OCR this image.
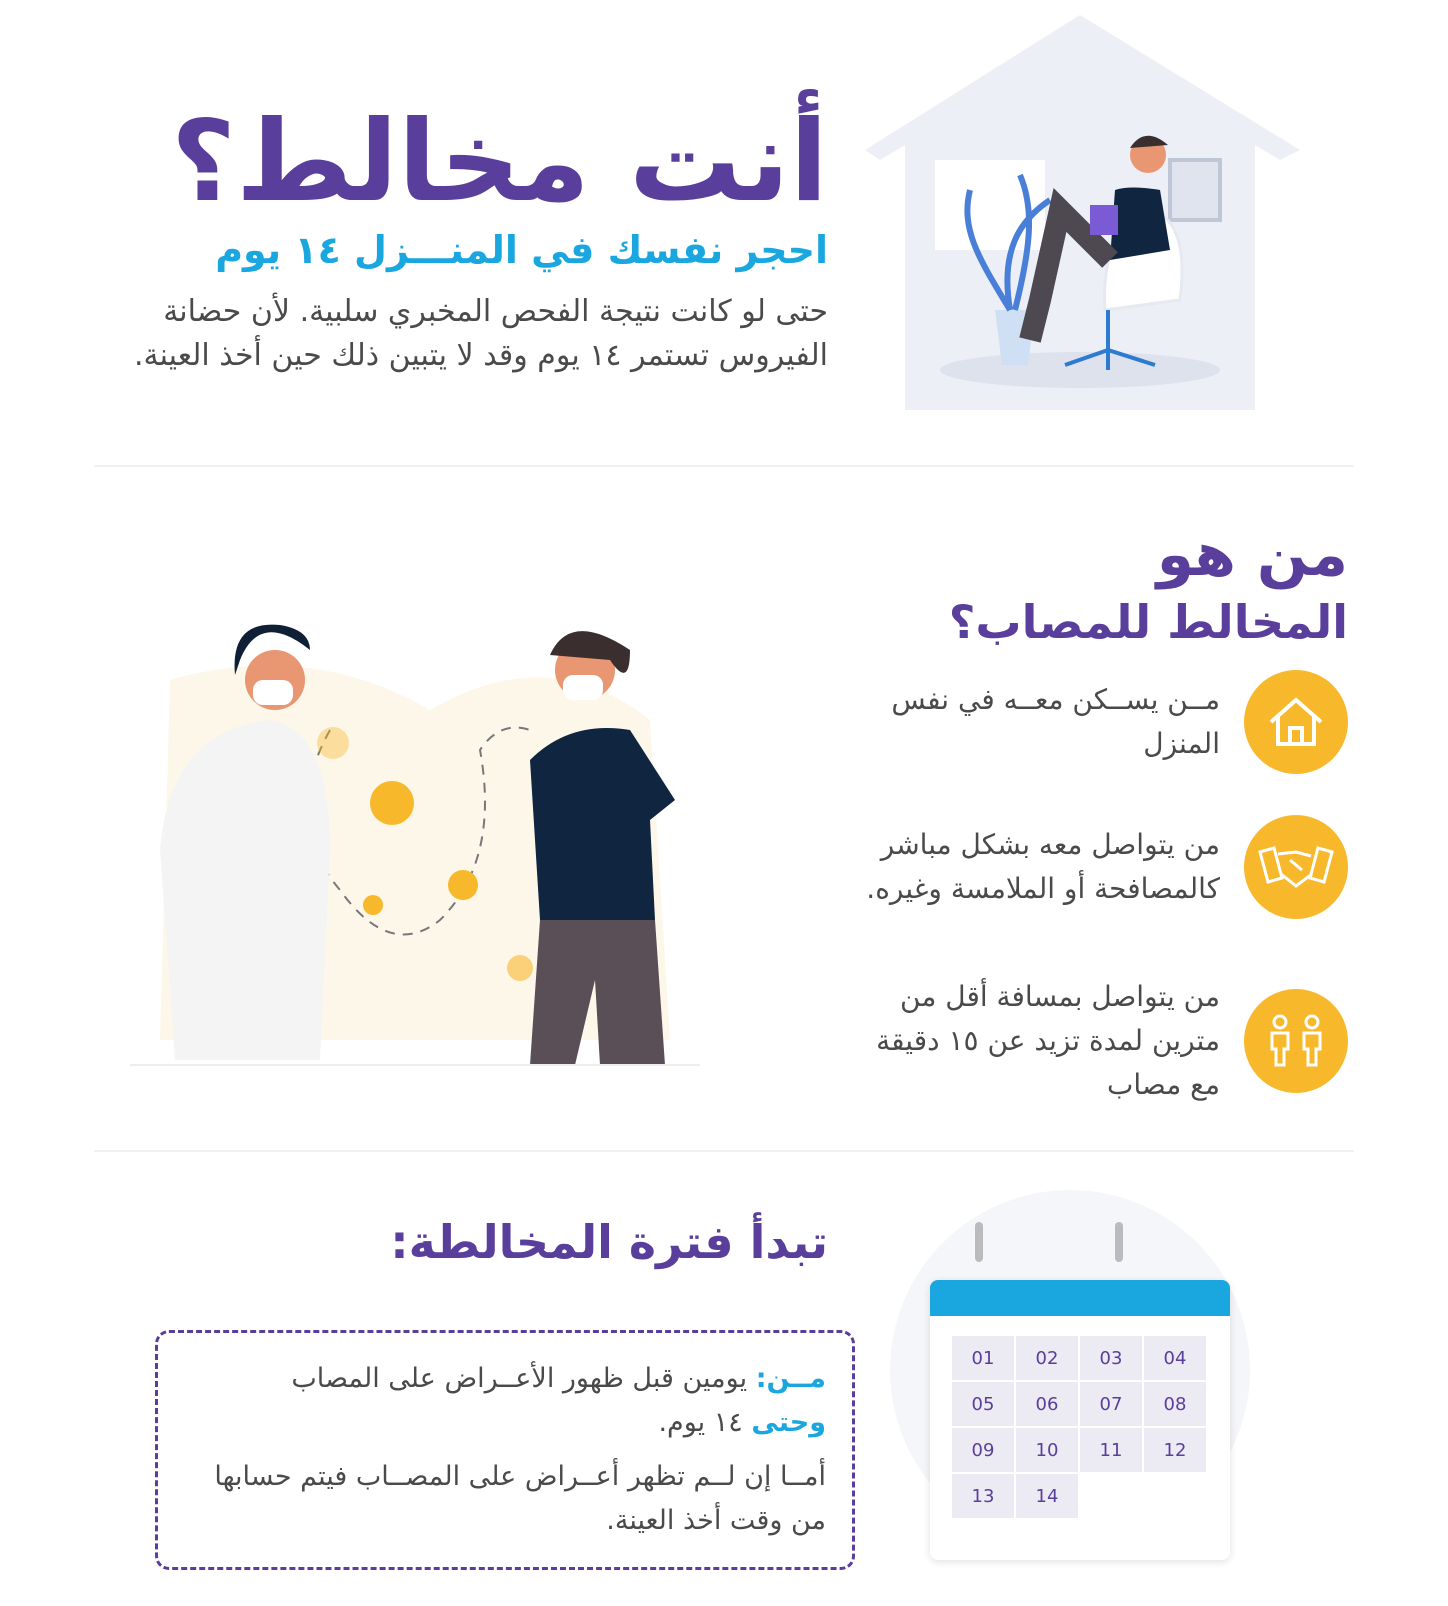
أنت مخالط؟
احجر نفسك في المنـــزل ١٤ يوم
حتى لو كانت نتيجة الفحص المخبري سلبية. لأن حضانة الفيروس تستمر ١٤ يوم وقد لا يتبين ذلك حين أخذ العينة.
من هو
المخالط للمصاب؟
مــن يســكن معــه في نفس المنزل
من يتواصل معه بشكل مباشر كالمصافحة أو الملامسة وغيره.
من يتواصل بمسافة أقل من مترين لمدة تزيد عن ١٥ دقيقة مع مصاب
تبدأ فترة المخالطة:
مــن: يومين قبل ظهور الأعــراض على المصاب
وحتى ١٤ يوم.
أمــا إن لــم تظهر أعــراض على المصــاب فيتم حسابها من وقت أخذ العينة.
01	02	03	04
05	06	07	08
09	10	11	12
13	14
